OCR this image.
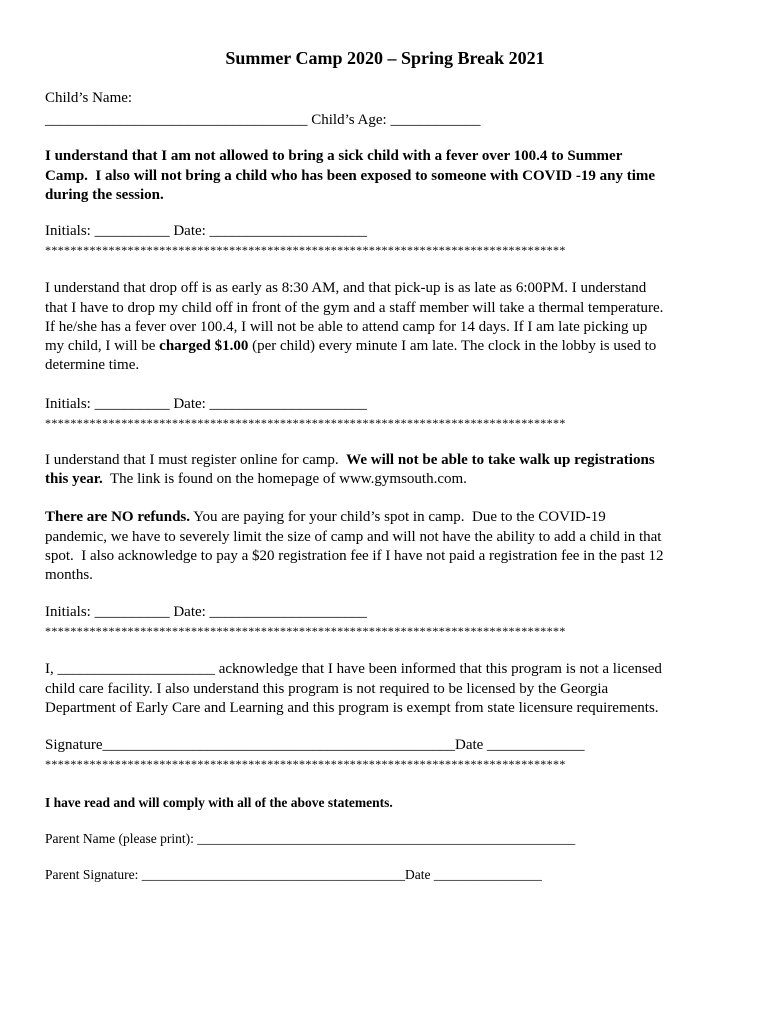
Summer Camp 2020 – Spring Break 2021
Child’s Name:
___________________________________ Child’s Age: ____________
I understand that I am not allowed to bring a sick child with a fever over 100.4 to Summer
Camp.  I also will not bring a child who has been exposed to someone with COVID -19 any time
during the session.
Initials: __________ Date: _____________________
**********************************************************************************
I understand that drop off is as early as 8:30 AM, and that pick-up is as late as 6:00PM. I understand
that I have to drop my child off in front of the gym and a staff member will take a thermal temperature.
If he/she has a fever over 100.4, I will not be able to attend camp for 14 days. If I am late picking up
my child, I will be charged $1.00 (per child) every minute I am late. The clock in the lobby is used to
determine time.
Initials: __________ Date: _____________________
**********************************************************************************
I understand that I must register online for camp.  We will not be able to take walk up registrations
this year.  The link is found on the homepage of www.gymsouth.com.
There are NO refunds. You are paying for your child’s spot in camp.  Due to the COVID-19
pandemic, we have to severely limit the size of camp and will not have the ability to add a child in that
spot.  I also acknowledge to pay a $20 registration fee if I have not paid a registration fee in the past 12
months.
Initials: __________ Date: _____________________
**********************************************************************************
I, _____________________ acknowledge that I have been informed that this program is not a licensed
child care facility. I also understand this program is not required to be licensed by the Georgia
Department of Early Care and Learning and this program is exempt from state licensure requirements.
Signature_______________________________________________Date _____________
**********************************************************************************
I have read and will comply with all of the above statements.
Parent Name (please print): ________________________________________________________
Parent Signature: _______________________________________Date ________________
